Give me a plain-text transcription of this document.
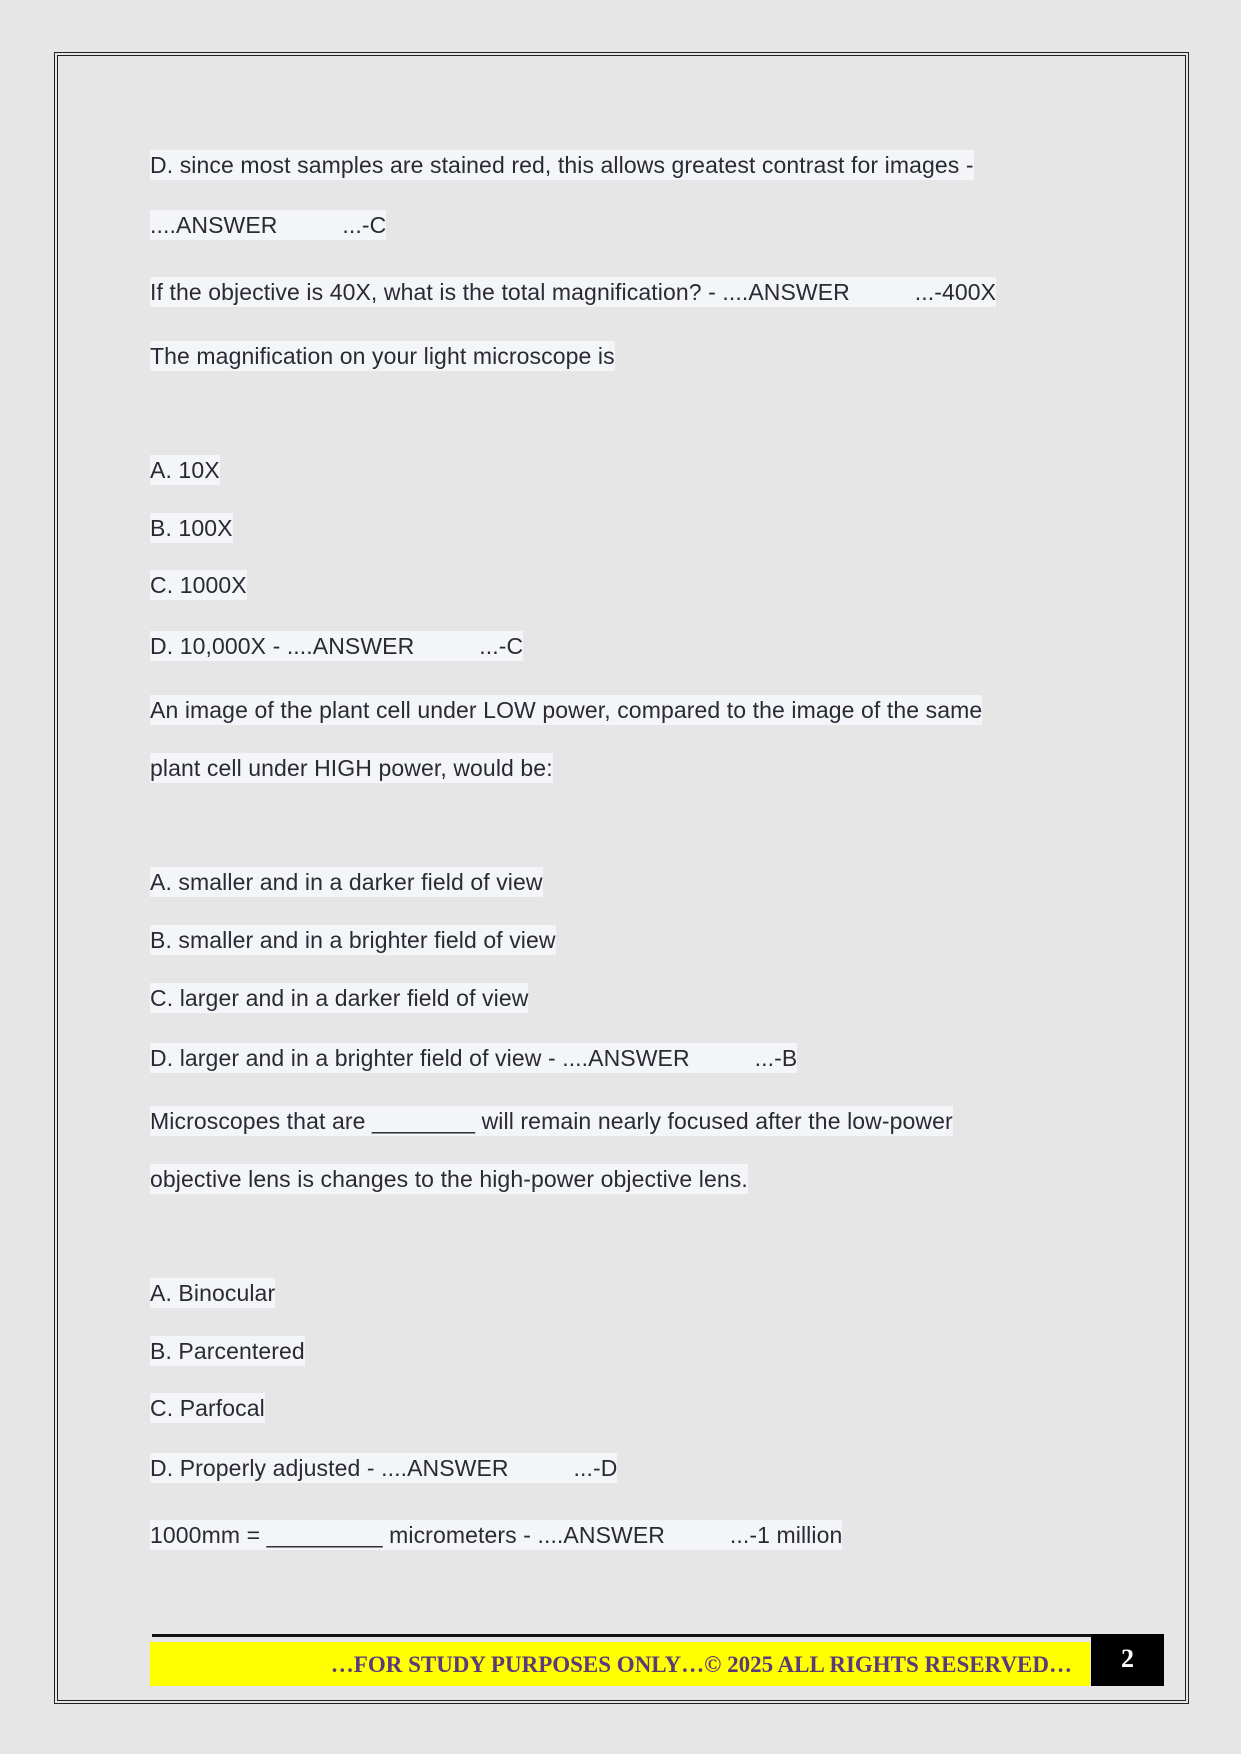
D. since most samples are stained red, this allows greatest contrast for images -
....ANSWER          ...-C
If the objective is 40X, what is the total magnification? - ....ANSWER          ...-400X
The magnification on your light microscope is
A. 10X
B. 100X
C. 1000X
D. 10,000X - ....ANSWER          ...-C
An image of the plant cell under LOW power, compared to the image of the same
plant cell under HIGH power, would be:
A. smaller and in a darker field of view
B. smaller and in a brighter field of view
C. larger and in a darker field of view
D. larger and in a brighter field of view - ....ANSWER          ...-B
Microscopes that are ________ will remain nearly focused after the low-power
objective lens is changes to the high-power objective lens.
A. Binocular
B. Parcentered
C. Parfocal
D. Properly adjusted - ....ANSWER          ...-D
1000mm = _________ micrometers - ....ANSWER          ...-1 million
…FOR STUDY PURPOSES ONLY…© 2025 ALL RIGHTS RESERVED…	2
